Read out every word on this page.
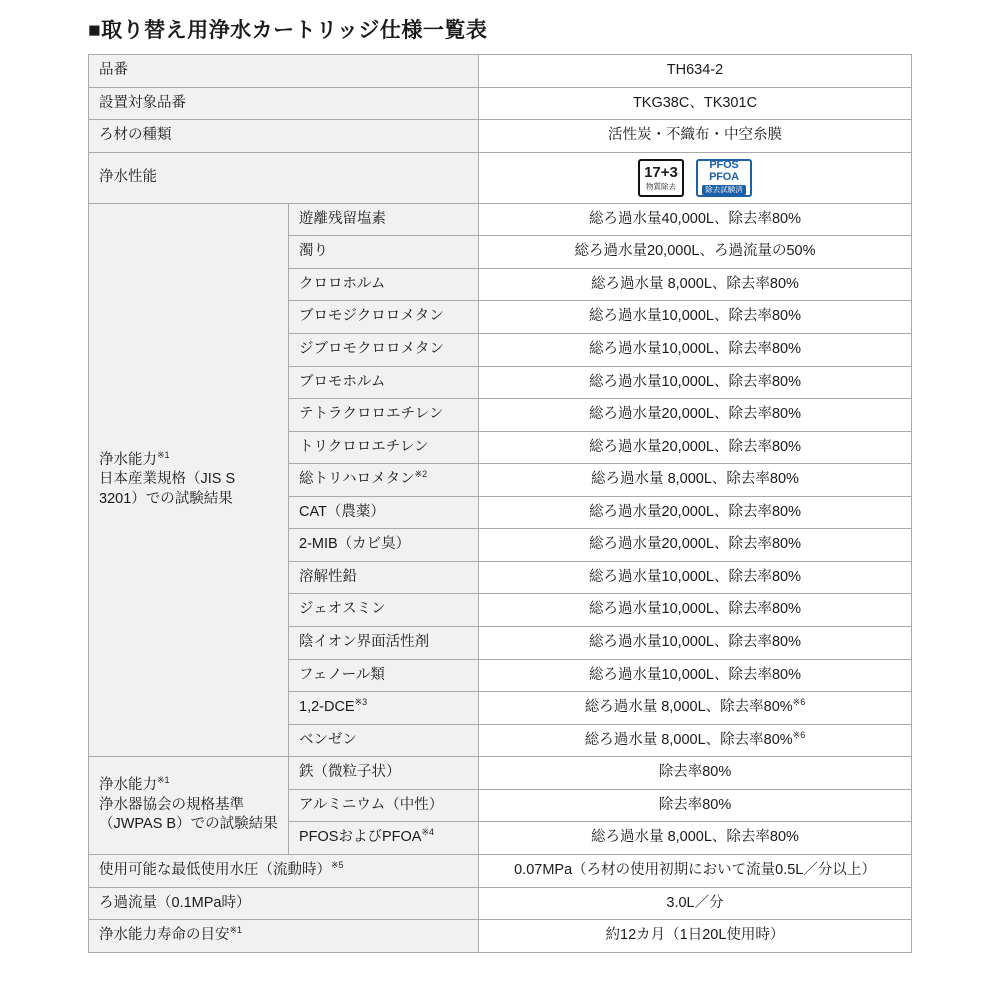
■取り替え用浄水カートリッジ仕様一覧表
品番		TH634-2
設置対象品番		TKG38C、TK301C
ろ材の種類		活性炭・不織布・中空糸膜
浄水性能		17+3
物質除去
PFOS
PFOA
除去試験済

浄水能力$^{※1}$
日本産業規格（JIS S
3201）での試験結果	遊離残留塩素	総ろ過水量40,000L、除去率80%
	濁り	総ろ過水量20,000L、ろ過流量の50%
	クロロホルム	総ろ過水量 8,000L、除去率80%
	ブロモジクロロメタン	総ろ過水量10,000L、除去率80%
	ジブロモクロロメタン	総ろ過水量10,000L、除去率80%
	ブロモホルム	総ろ過水量10,000L、除去率80%
	テトラクロロエチレン	総ろ過水量20,000L、除去率80%
	トリクロロエチレン	総ろ過水量20,000L、除去率80%
	総トリハロメタン$^{※2}$	総ろ過水量 8,000L、除去率80%
	CAT（農薬）	総ろ過水量20,000L、除去率80%
	2-MIB（カビ臭）	総ろ過水量20,000L、除去率80%
	溶解性鉛	総ろ過水量10,000L、除去率80%
	ジェオスミン	総ろ過水量10,000L、除去率80%
	陰イオン界面活性剤	総ろ過水量10,000L、除去率80%
	フェノール類	総ろ過水量10,000L、除去率80%
	1,2-DCE$^{※3}$	総ろ過水量 8,000L、除去率80%$^{※6}$
	ベンゼン	総ろ過水量 8,000L、除去率80%$^{※6}$

浄水能力$^{※1}$
浄水器協会の規格基準
（JWPAS B）での試験結果	鉄（微粒子状）	除去率80%
	アルミニウム（中性）	除去率80%
	PFOSおよびPFOA$^{※4}$	総ろ過水量 8,000L、除去率80%
使用可能な最低使用水圧（流動時）$^{※5}$		0.07MPa（ろ材の使用初期において流量0.5L／分以上）
ろ過流量（0.1MPa時）		3.0L／分
浄水能力寿命の目安$^{※1}$		約12カ月（1日20L使用時）
